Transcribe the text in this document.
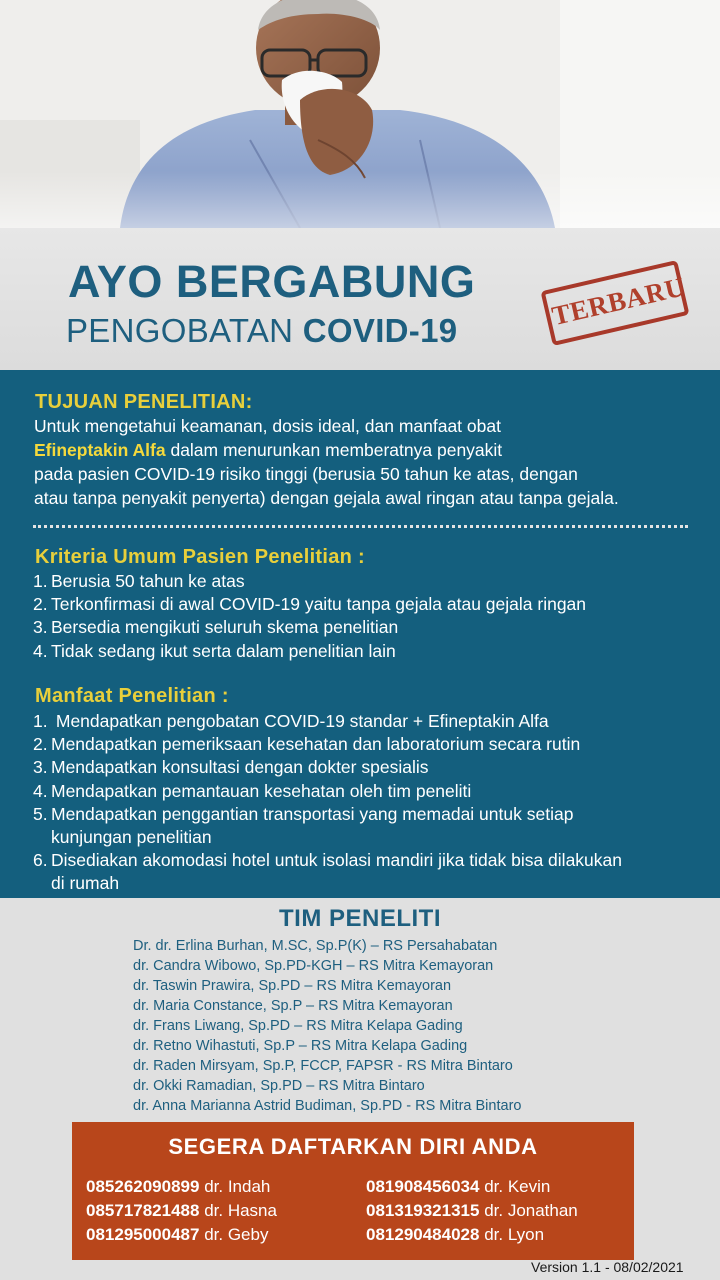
AYO BERGABUNG
PENGOBATAN COVID-19	TERBARU
TUJUAN PENELITIAN:
Untuk mengetahui keamanan, dosis ideal, dan manfaat obat
Efineptakin Alfa dalam menurunkan memberatnya penyakit
pada pasien COVID-19 risiko tinggi (berusia 50 tahun ke atas, dengan
atau tanpa penyakit penyerta) dengan gejala awal ringan atau tanpa gejala.
Kriteria Umum Pasien Penelitian :
1. Berusia 50 tahun ke atas
2. Terkonfirmasi di awal COVID-19 yaitu tanpa gejala atau gejala ringan
3. Bersedia mengikuti seluruh skema penelitian
4. Tidak sedang ikut serta dalam penelitian lain
Manfaat Penelitian :
1. Mendapatkan pengobatan COVID-19 standar + Efineptakin Alfa
2. Mendapatkan pemeriksaan kesehatan dan laboratorium secara rutin
3. Mendapatkan konsultasi dengan dokter spesialis
4. Mendapatkan pemantauan kesehatan oleh tim peneliti
5. Mendapatkan penggantian transportasi yang memadai untuk setiap
kunjungan penelitian
6. Disediakan akomodasi hotel untuk isolasi mandiri jika tidak bisa dilakukan
di rumah
TIM PENELITI
Dr. dr. Erlina Burhan, M.SC, Sp.P(K) – RS Persahabatan
dr. Candra Wibowo, Sp.PD-KGH – RS Mitra Kemayoran
dr. Taswin Prawira, Sp.PD – RS Mitra Kemayoran
dr. Maria Constance, Sp.P – RS Mitra Kemayoran
dr. Frans Liwang, Sp.PD – RS Mitra Kelapa Gading
dr. Retno Wihastuti, Sp.P – RS Mitra Kelapa Gading
dr. Raden Mirsyam, Sp.P, FCCP, FAPSR - RS Mitra Bintaro
dr. Okki Ramadian, Sp.PD – RS Mitra Bintaro
dr. Anna Marianna Astrid Budiman, Sp.PD - RS Mitra Bintaro
SEGERA DAFTARKAN DIRI ANDA
085262090899 dr. Indah
085717821488 dr. Hasna
081295000487 dr. Geby
081908456034 dr. Kevin
081319321315 dr. Jonathan
081290484028 dr. Lyon
Version 1.1 - 08/02/2021
